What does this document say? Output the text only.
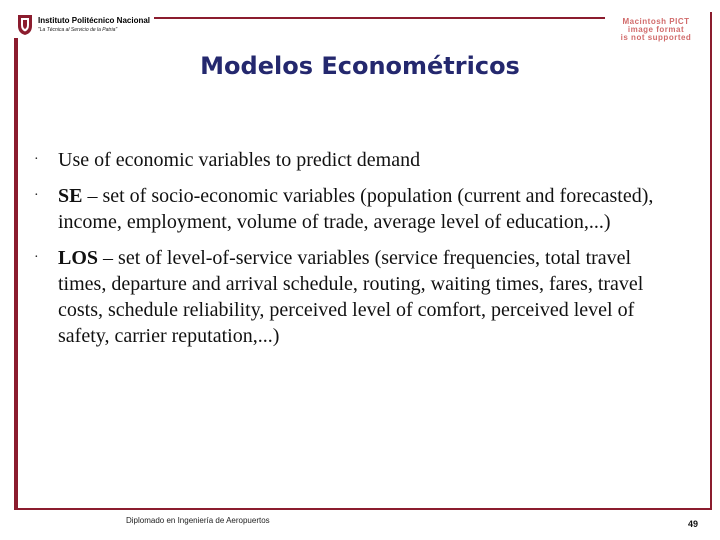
Instituto Politécnico Nacional
"La Técnica al Servicio de la Patria"
Macintosh PICT
image format
is not supported
Modelos Econométricos
· Use of economic variables to predict demand
· SE – set of socio-economic variables (population (current and forecasted), income, employment, volume of trade, average level of education,...)
· LOS – set of level-of-service variables (service frequencies, total travel times, departure and arrival schedule, routing, waiting times, fares, travel costs, schedule reliability, perceived level of comfort, perceived level of safety, carrier reputation,...)
Diplomado en Ingeniería de Aeropuertos	49
